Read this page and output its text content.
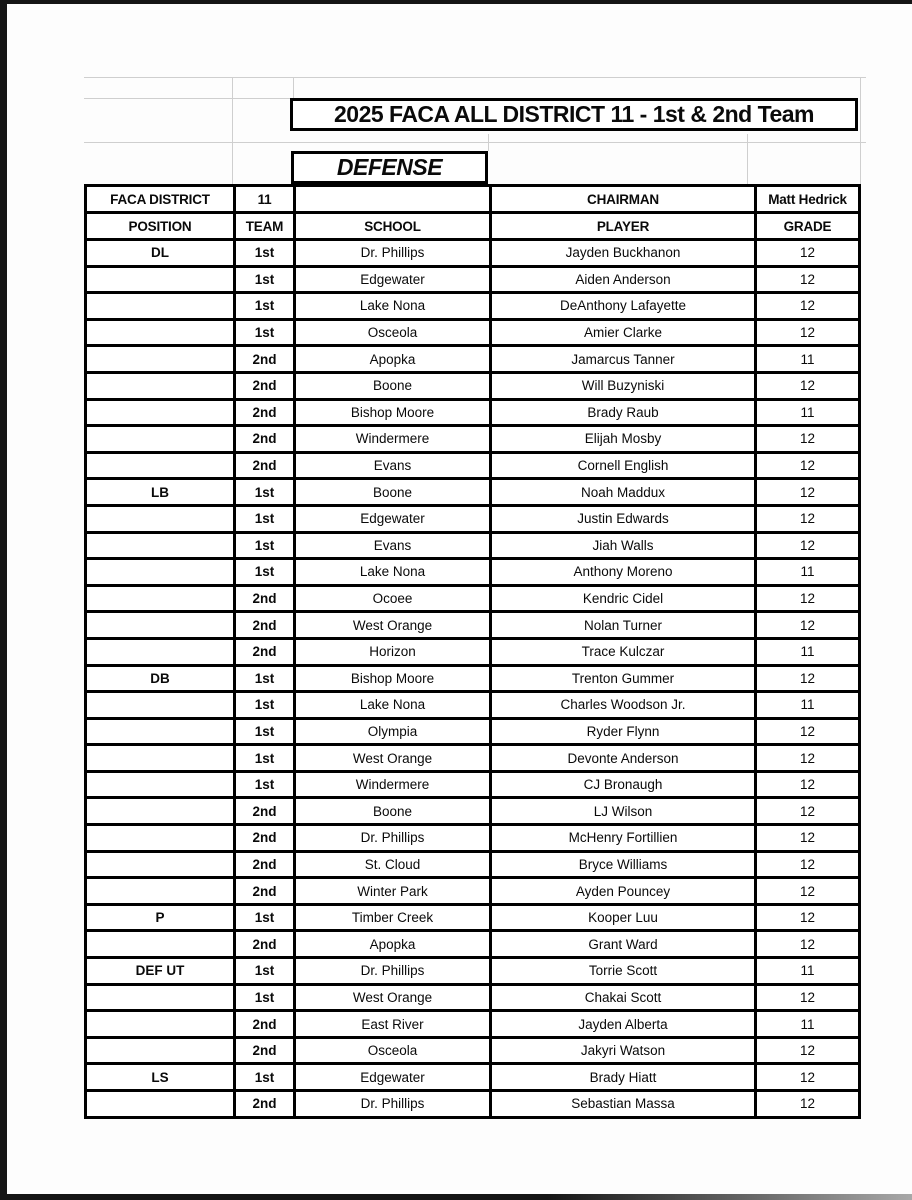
2025 FACA ALL DISTRICT 11 - 1st & 2nd Team
DEFENSE
FACA DISTRICT	11		CHAIRMAN	Matt Hedrick
POSITION	TEAM	SCHOOL	PLAYER	GRADE
DL	1st	Dr. Phillips	Jayden Buckhanon	12
	1st	Edgewater	Aiden Anderson	12
	1st	Lake Nona	DeAnthony Lafayette	12
	1st	Osceola	Amier Clarke	12
	2nd	Apopka	Jamarcus Tanner	11
	2nd	Boone	Will Buzyniski	12
	2nd	Bishop Moore	Brady Raub	11
	2nd	Windermere	Elijah Mosby	12
	2nd	Evans	Cornell English	12
LB	1st	Boone	Noah Maddux	12
	1st	Edgewater	Justin Edwards	12
	1st	Evans	Jiah Walls	12
	1st	Lake Nona	Anthony Moreno	11
	2nd	Ocoee	Kendric Cidel	12
	2nd	West Orange	Nolan Turner	12
	2nd	Horizon	Trace Kulczar	11
DB	1st	Bishop Moore	Trenton Gummer	12
	1st	Lake Nona	Charles Woodson Jr.	11
	1st	Olympia	Ryder Flynn	12
	1st	West Orange	Devonte Anderson	12
	1st	Windermere	CJ Bronaugh	12
	2nd	Boone	LJ Wilson	12
	2nd	Dr. Phillips	McHenry Fortillien	12
	2nd	St. Cloud	Bryce Williams	12
	2nd	Winter Park	Ayden Pouncey	12
P	1st	Timber Creek	Kooper Luu	12
	2nd	Apopka	Grant Ward	12
DEF UT	1st	Dr. Phillips	Torrie Scott	11
	1st	West Orange	Chakai Scott	12
	2nd	East River	Jayden Alberta	11
	2nd	Osceola	Jakyri Watson	12
LS	1st	Edgewater	Brady Hiatt	12
	2nd	Dr. Phillips	Sebastian Massa	12
